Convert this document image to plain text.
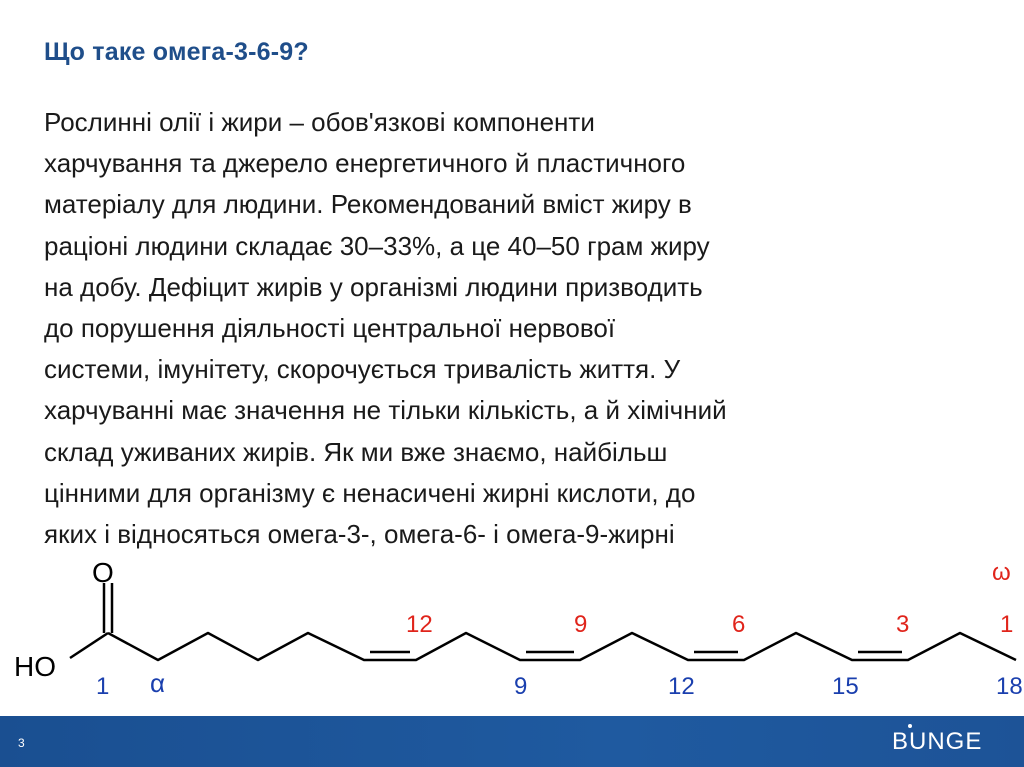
Що таке омега-3-6-9?
Рослинні олії і жири – обов'язкові компоненти
харчування та джерело енергетичного й пластичного
матеріалу для людини. Рекомендований вміст жиру в
раціоні людини складає 30–33%, а це 40–50 грам жиру
на добу. Дефіцит жирів у організмі людини призводить
до порушення діяльності центральної нервової
системи, імунітету, скорочується тривалість життя. У
харчуванні має значення не тільки кількість, а й хімічний
склад уживаних жирів. Як ми вже знаємо, найбільш
цінними для організму є ненасичені жирні кислоти, до
яких і відносяться омега-3-, омега-6- і омега-9-жирні
O
HO
1 α	9	12	15	18
ω
12	9	6	3	1
3	BUNGE
